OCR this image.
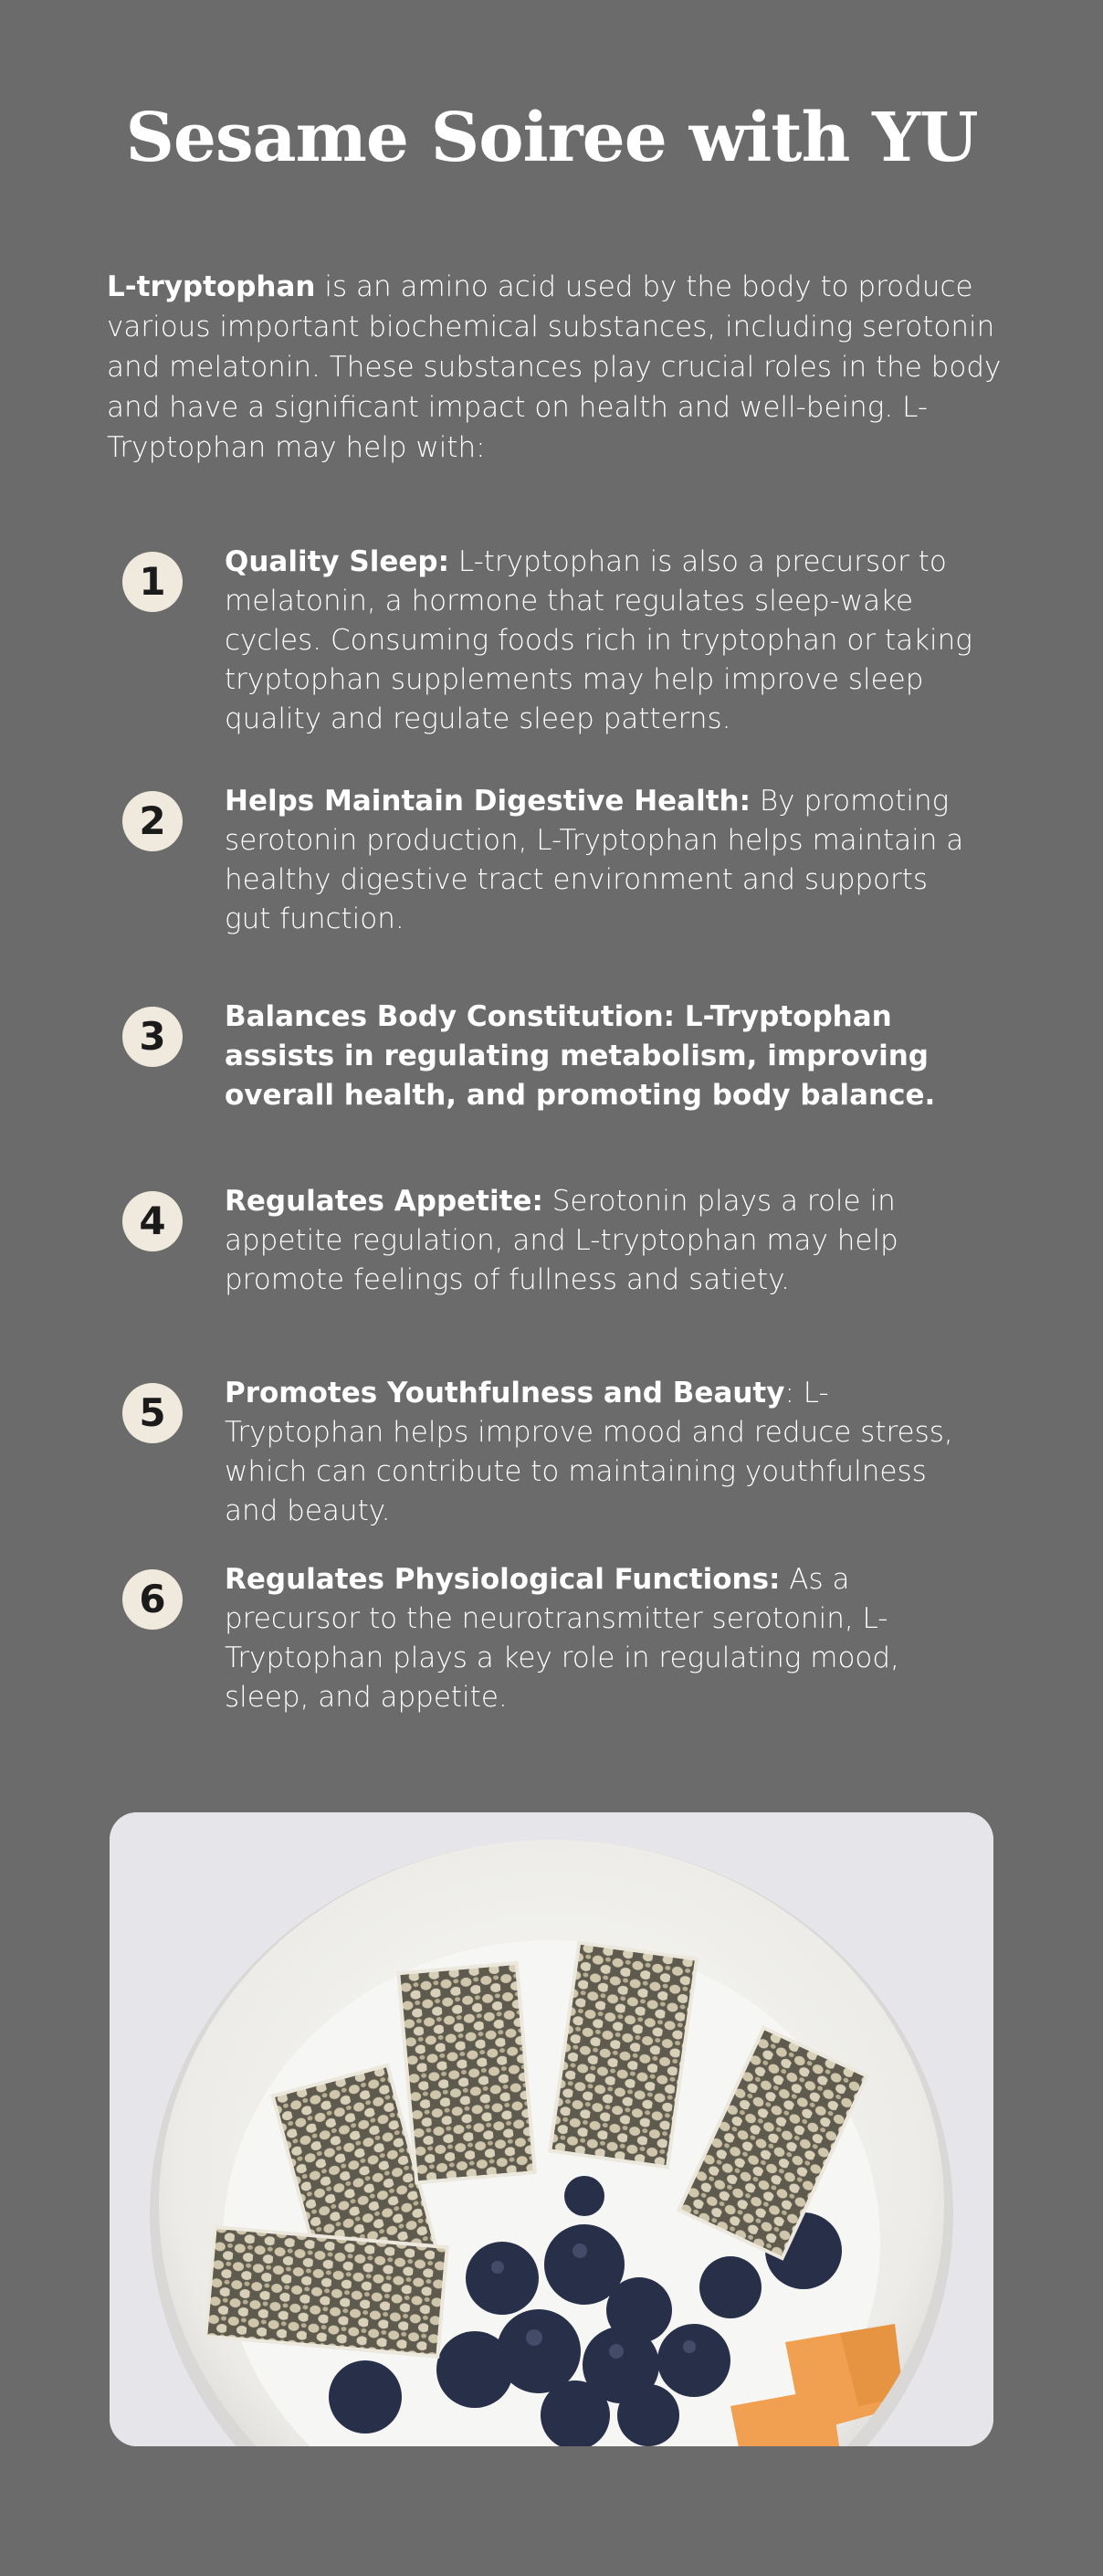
Sesame Soiree with YU
L-tryptophan is an amino acid used by the body to produce various important biochemical substances, including serotonin and melatonin. These substances play crucial roles in the body and have a significant impact on health and well-being. L-Tryptophan may help with:
1	Quality Sleep: L-tryptophan is also a precursor to melatonin, a hormone that regulates sleep-wake cycles. Consuming foods rich in tryptophan or taking tryptophan supplements may help improve sleep quality and regulate sleep patterns.
2	Helps Maintain Digestive Health: By promoting serotonin production, L-Tryptophan helps maintain a healthy digestive tract environment and supports gut function.
3	Balances Body Constitution: L-Tryptophan assists in regulating metabolism, improving overall health, and promoting body balance.
4	Regulates Appetite: Serotonin plays a role in appetite regulation, and L-tryptophan may help promote feelings of fullness and satiety.
5	Promotes Youthfulness and Beauty: L-Tryptophan helps improve mood and reduce stress, which can contribute to maintaining youthfulness and beauty.
6	Regulates Physiological Functions: As a precursor to the neurotransmitter serotonin, L-Tryptophan plays a key role in regulating mood, sleep, and appetite.
